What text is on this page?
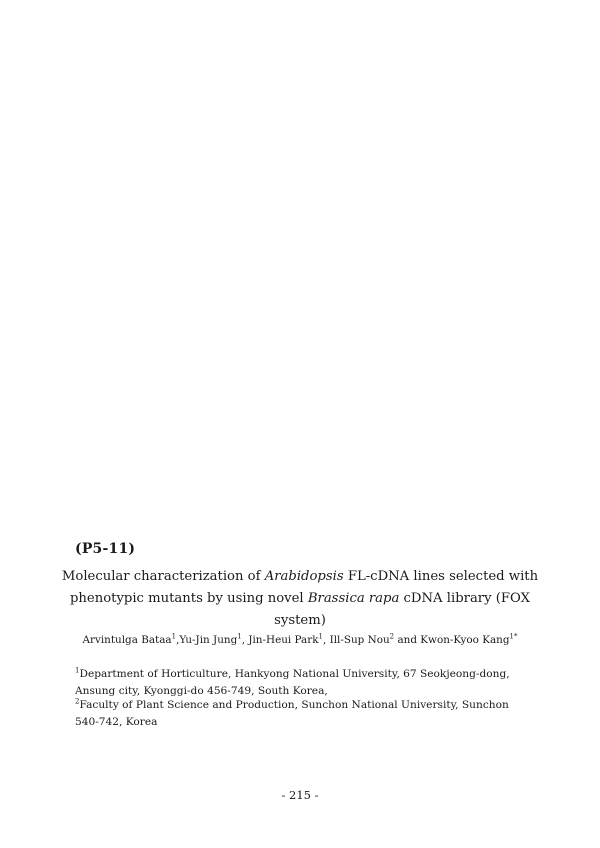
(P5-11)
Molecular characterization of Arabidopsis FL-cDNA lines selected with phenotypic mutants by using novel Brassica rapa cDNA library (FOX system)
Arvintulga Bataa$^1$,Yu-Jin Jung$^1$, Jin-Heui Park$^1$, Ill-Sup Nou$^2$ and Kwon-Kyoo Kang$^{1*}$
$^1$Department of Horticulture, Hankyong National University, 67 Seokjeong-dong, Ansung city, Kyonggi-do 456-749, South Korea,
$^2$Faculty of Plant Science and Production, Sunchon National University, Sunchon 540-742, Korea
- 215 -
